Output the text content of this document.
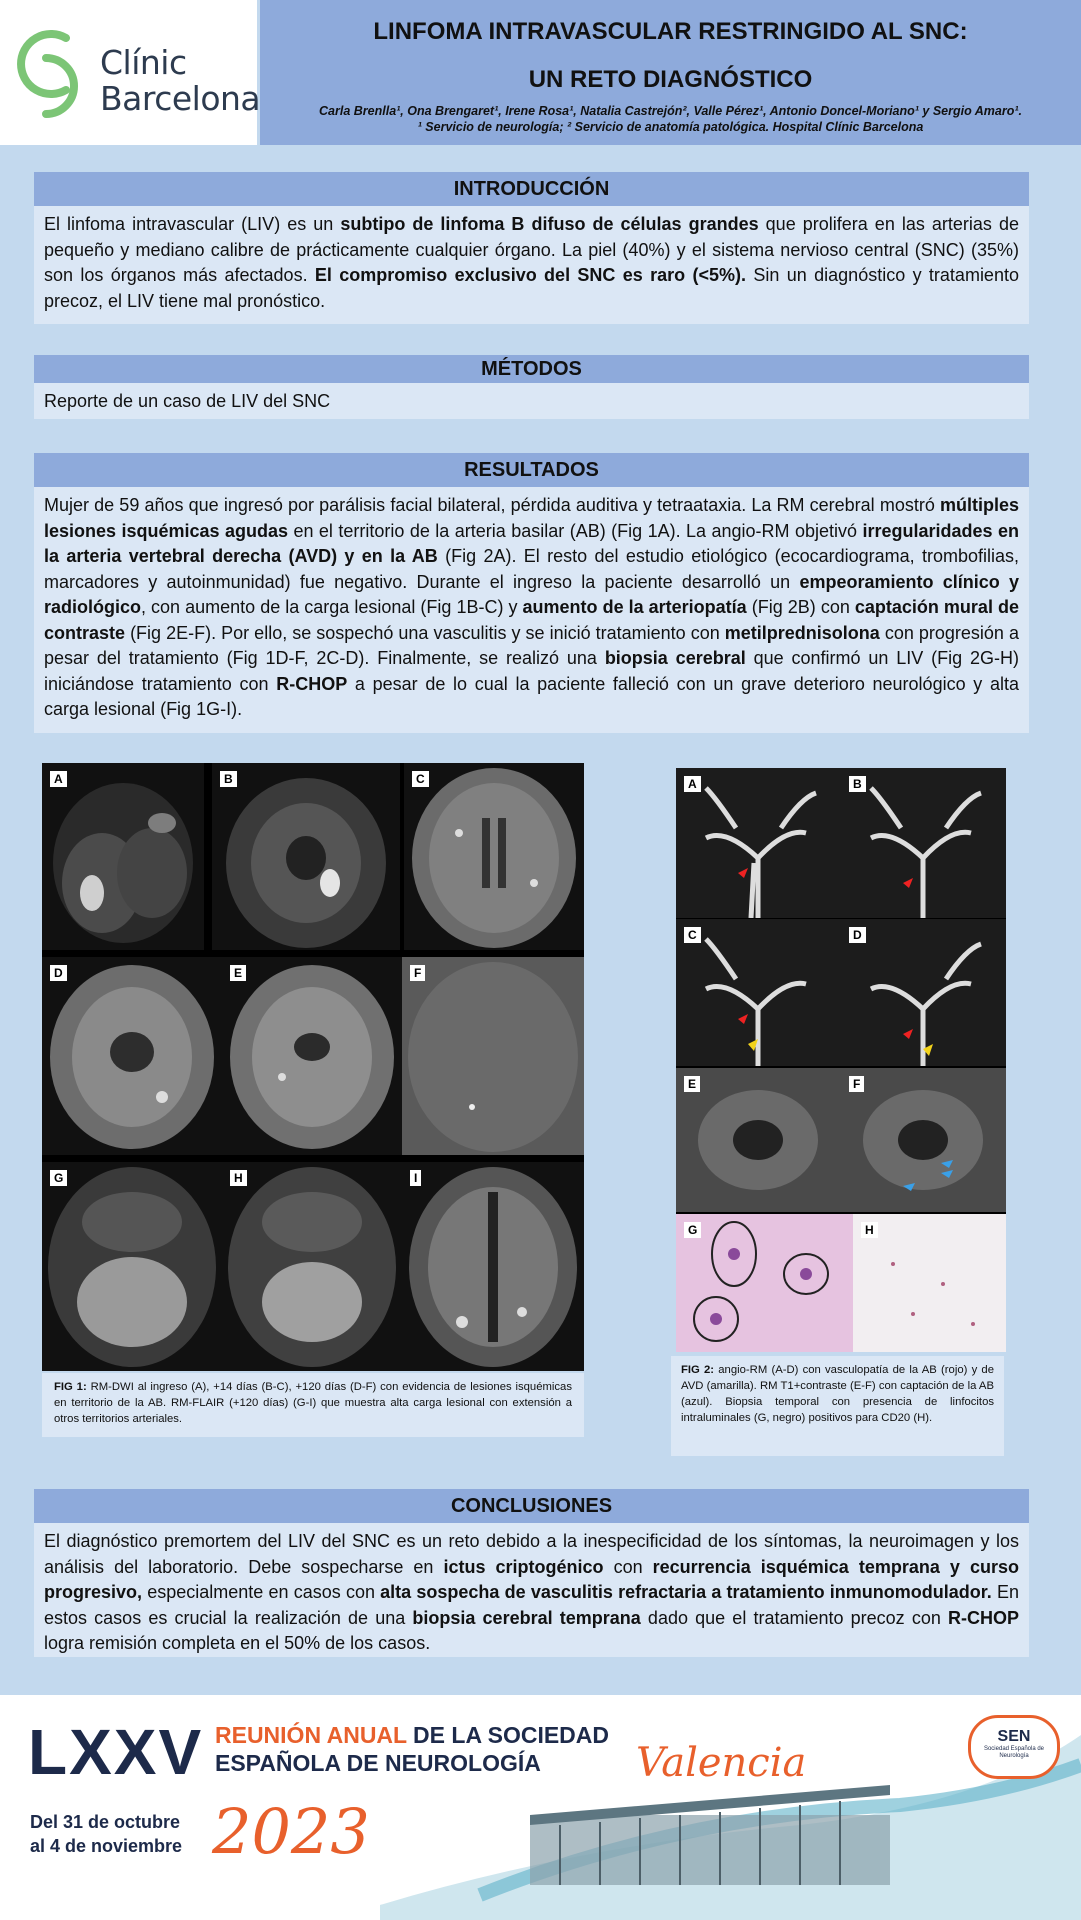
Clínic
Barcelona
LINFOMA INTRAVASCULAR RESTRINGIDO AL SNC:
UN RETO DIAGNÓSTICO
Carla Brenlla¹, Ona Brengaret¹, Irene Rosa¹, Natalia Castrejón², Valle Pérez¹, Antonio Doncel-Moriano¹ y Sergio Amaro¹.
¹ Servicio de neurología; ² Servicio de anatomía patológica. Hospital Clínic Barcelona
INTRODUCCIÓN
El linfoma intravascular (LIV) es un subtipo de linfoma B difuso de células grandes que prolifera en las arterias de pequeño y mediano calibre de prácticamente cualquier órgano. La piel (40%) y el sistema nervioso central (SNC) (35%) son los órganos más afectados. El compromiso exclusivo del SNC es raro (<5%). Sin un diagnóstico y tratamiento precoz, el LIV tiene mal pronóstico.
MÉTODOS
Reporte de un caso de LIV del SNC
RESULTADOS
Mujer de 59 años que ingresó por parálisis facial bilateral, pérdida auditiva y tetraataxia. La RM cerebral mostró múltiples lesiones isquémicas agudas en el territorio de la arteria basilar (AB) (Fig 1A). La angio-RM objetivó irregularidades en la arteria vertebral derecha (AVD) y en la AB (Fig 2A). El resto del estudio etiológico (ecocardiograma, trombofilias, marcadores y autoinmunidad) fue negativo. Durante el ingreso la paciente desarrolló un empeoramiento clínico y radiológico, con aumento de la carga lesional (Fig 1B-C) y aumento de la arteriopatía (Fig 2B) con captación mural de contraste (Fig 2E-F). Por ello, se sospechó una vasculitis y se inició tratamiento con metilprednisolona con progresión a pesar del tratamiento (Fig 1D-F, 2C-D). Finalmente, se realizó una biopsia cerebral que confirmó un LIV (Fig 2G-H) iniciándose tratamiento con R-CHOP a pesar de lo cual la paciente falleció con un grave deterioro neurológico y alta carga lesional (Fig 1G-I).
A	B	C
D	E	F
G	H	I
FIG 1: RM-DWI al ingreso (A), +14 días (B-C), +120 días (D-F) con evidencia de lesiones isquémicas en territorio de la AB. RM-FLAIR (+120 días) (G-I) que muestra alta carga lesional con extensión a otros territorios arteriales.
A	B
C	D
E	F
G	H
FIG 2: angio-RM (A-D) con vasculopatía de la AB (rojo) y de AVD (amarilla). RM T1+contraste (E-F) con captación de la AB (azul). Biopsia temporal con presencia de linfocitos intraluminales (G, negro) positivos para CD20 (H).
CONCLUSIONES
El diagnóstico premortem del LIV del SNC es un reto debido a la inespecificidad de los síntomas, la neuroimagen y los análisis del laboratorio. Debe sospecharse en ictus criptogénico con recurrencia isquémica temprana y curso progresivo, especialmente en casos con alta sospecha de vasculitis refractaria a tratamiento inmunomodulador. En estos casos es crucial la realización de una biopsia cerebral temprana dado que el tratamiento precoz con R-CHOP logra remisión completa en el 50% de los casos.
LXXV REUNIÓN ANUAL DE LA SOCIEDAD
ESPAÑOLA DE NEUROLOGÍA
Del 31 de octubre
al 4 de noviembre 2023
Valencia
SEN
Sociedad Española de Neurología
